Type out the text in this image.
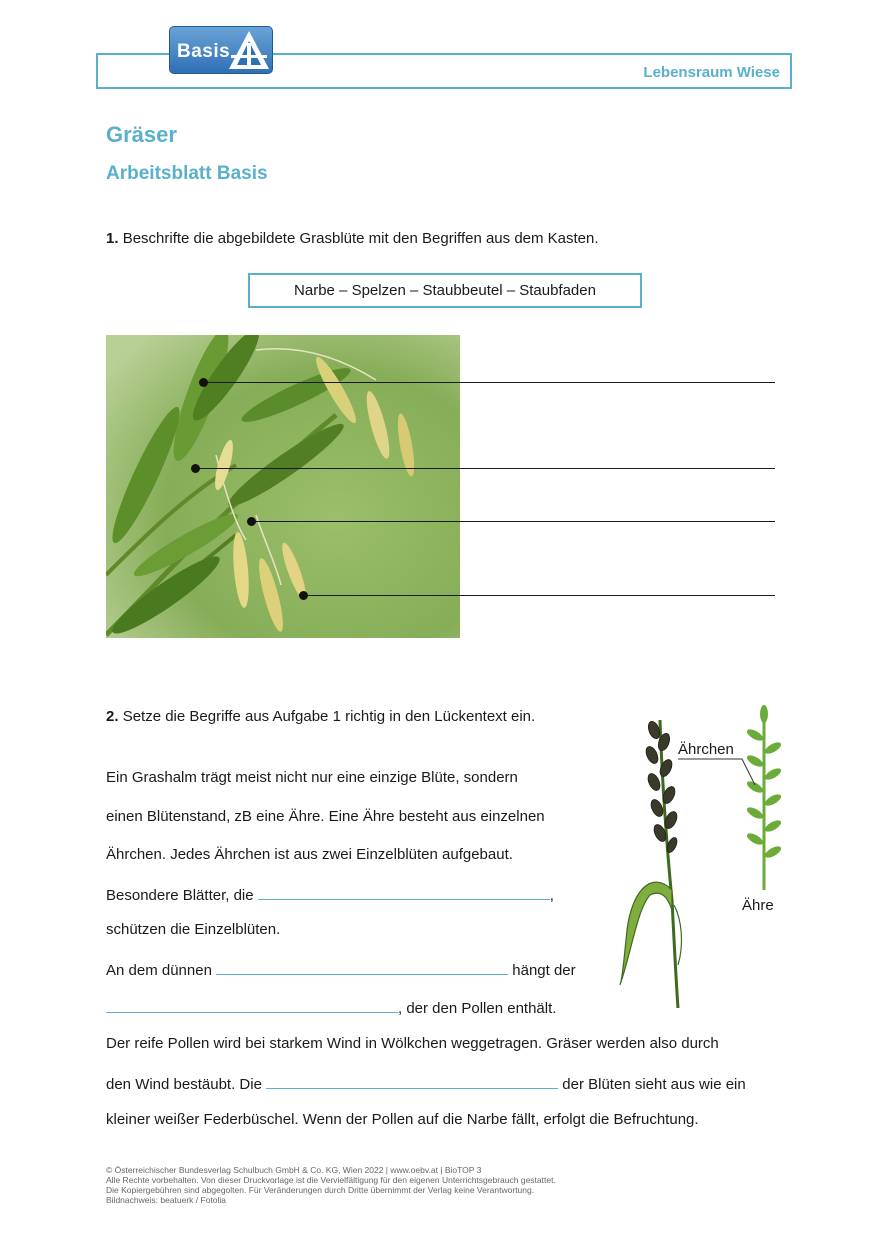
Lebensraum Wiese
Basis
Gräser
Arbeitsblatt Basis
1. Beschrifte die abgebildete Grasblüte mit den Begriffen aus dem Kasten.
Narbe – Spelzen – Staubbeutel – Staubfaden
2. Setze die Begriffe aus Aufgabe 1 richtig in den Lückentext ein.
Ein Grashalm trägt meist nicht nur eine einzige Blüte, sondern
einen Blütenstand, zB eine Ähre. Eine Ähre besteht aus einzelnen
Ährchen. Jedes Ährchen ist aus zwei Einzelblüten aufgebaut.
Besondere Blätter, die	,
schützen die Einzelblüten.
An dem dünnen	hängt der
, der den Pollen enthält.
Der reife Pollen wird bei starkem Wind in Wölkchen weggetragen. Gräser werden also durch
den Wind bestäubt. Die	der Blüten sieht aus wie ein
kleiner weißer Federbüschel. Wenn der Pollen auf die Narbe fällt, erfolgt die Befruchtung.
Ährchen
Ähre
© Österreichischer Bundesverlag Schulbuch GmbH & Co. KG, Wien 2022 | www.oebv.at | BioTOP 3
Alle Rechte vorbehalten. Von dieser Druckvorlage ist die Vervielfältigung für den eigenen Unterrichtsgebrauch gestattet.
Die Kopiergebühren sind abgegolten. Für Veränderungen durch Dritte übernimmt der Verlag keine Verantwortung.
Bildnachweis: beatuerk / Fotolia
